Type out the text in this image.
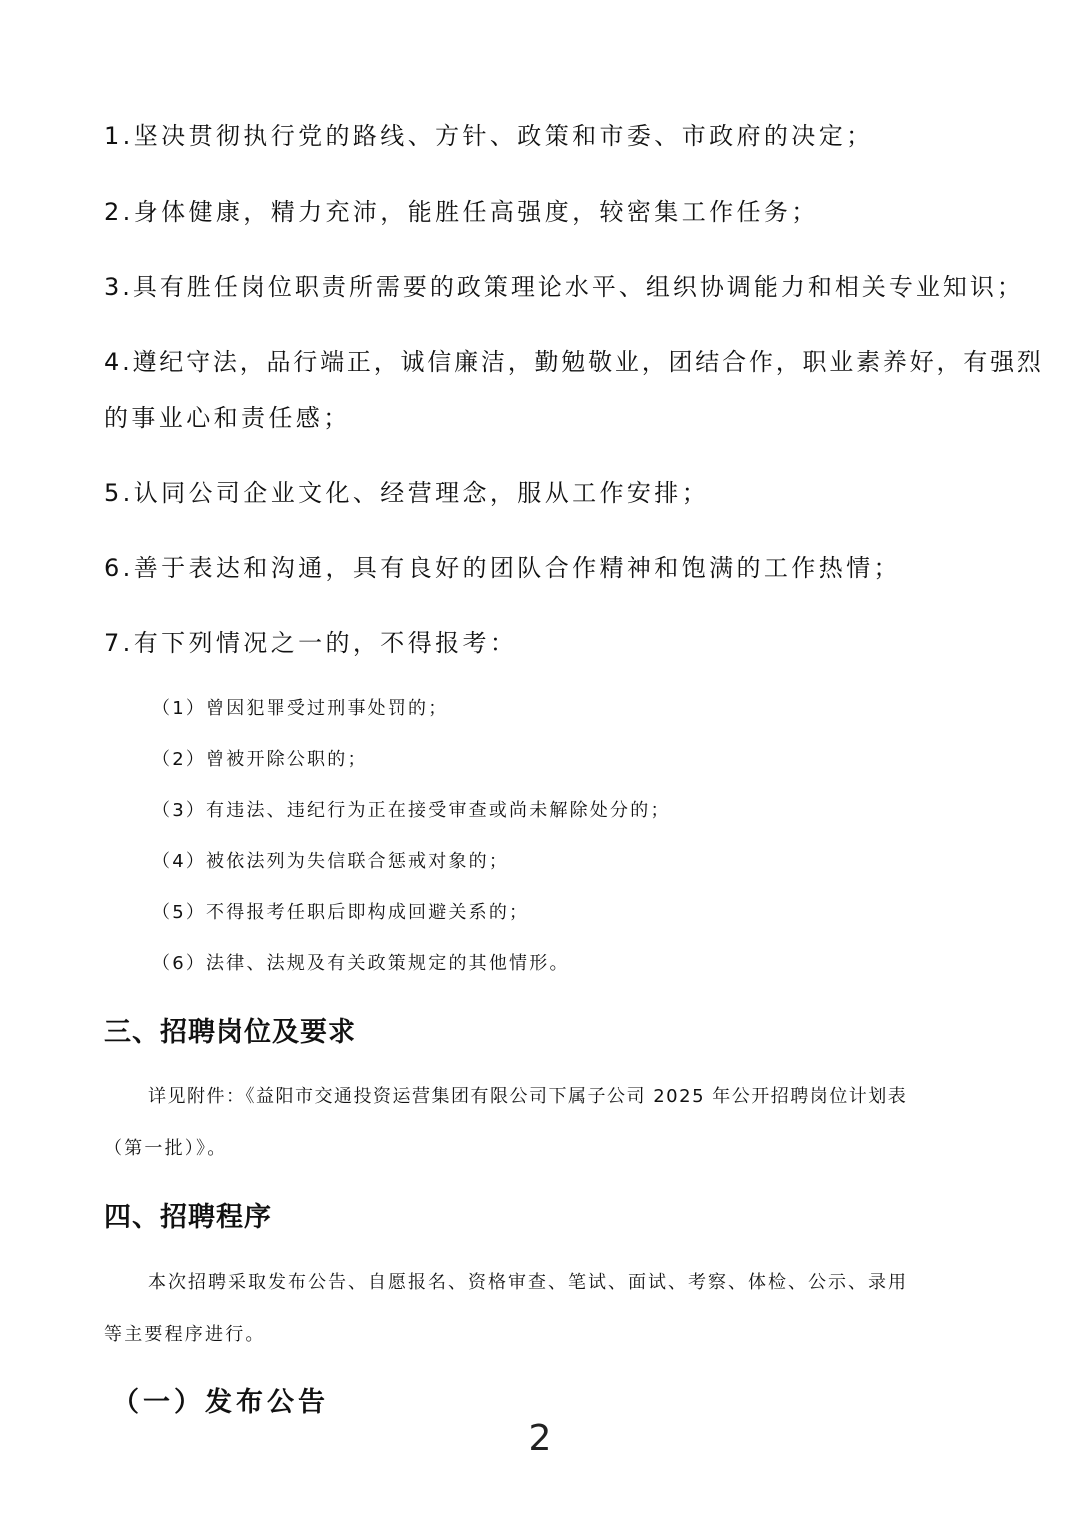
1.坚决贯彻执行党的路线、方针、政策和市委、市政府的决定；
2.身体健康，精力充沛，能胜任高强度，较密集工作任务；
3.具有胜任岗位职责所需要的政策理论水平、组织协调能力和相关专业知识；
4.遵纪守法，品行端正，诚信廉洁，勤勉敬业，团结合作，职业素养好，有强烈
的事业心和责任感；
5.认同公司企业文化、经营理念，服从工作安排；
6.善于表达和沟通，具有良好的团队合作精神和饱满的工作热情；
7.有下列情况之一的，不得报考：
（1）曾因犯罪受过刑事处罚的；
（2）曾被开除公职的；
（3）有违法、违纪行为正在接受审查或尚未解除处分的；
（4）被依法列为失信联合惩戒对象的；
（5）不得报考任职后即构成回避关系的；
（6）法律、法规及有关政策规定的其他情形。
三、招聘岗位及要求
详见附件：《益阳市交通投资运营集团有限公司下属子公司 2025 年公开招聘岗位计划表
（第一批）》。
四、招聘程序
本次招聘采取发布公告、自愿报名、资格审查、笔试、面试、考察、体检、公示、录用
等主要程序进行。
（一）发布公告
2
